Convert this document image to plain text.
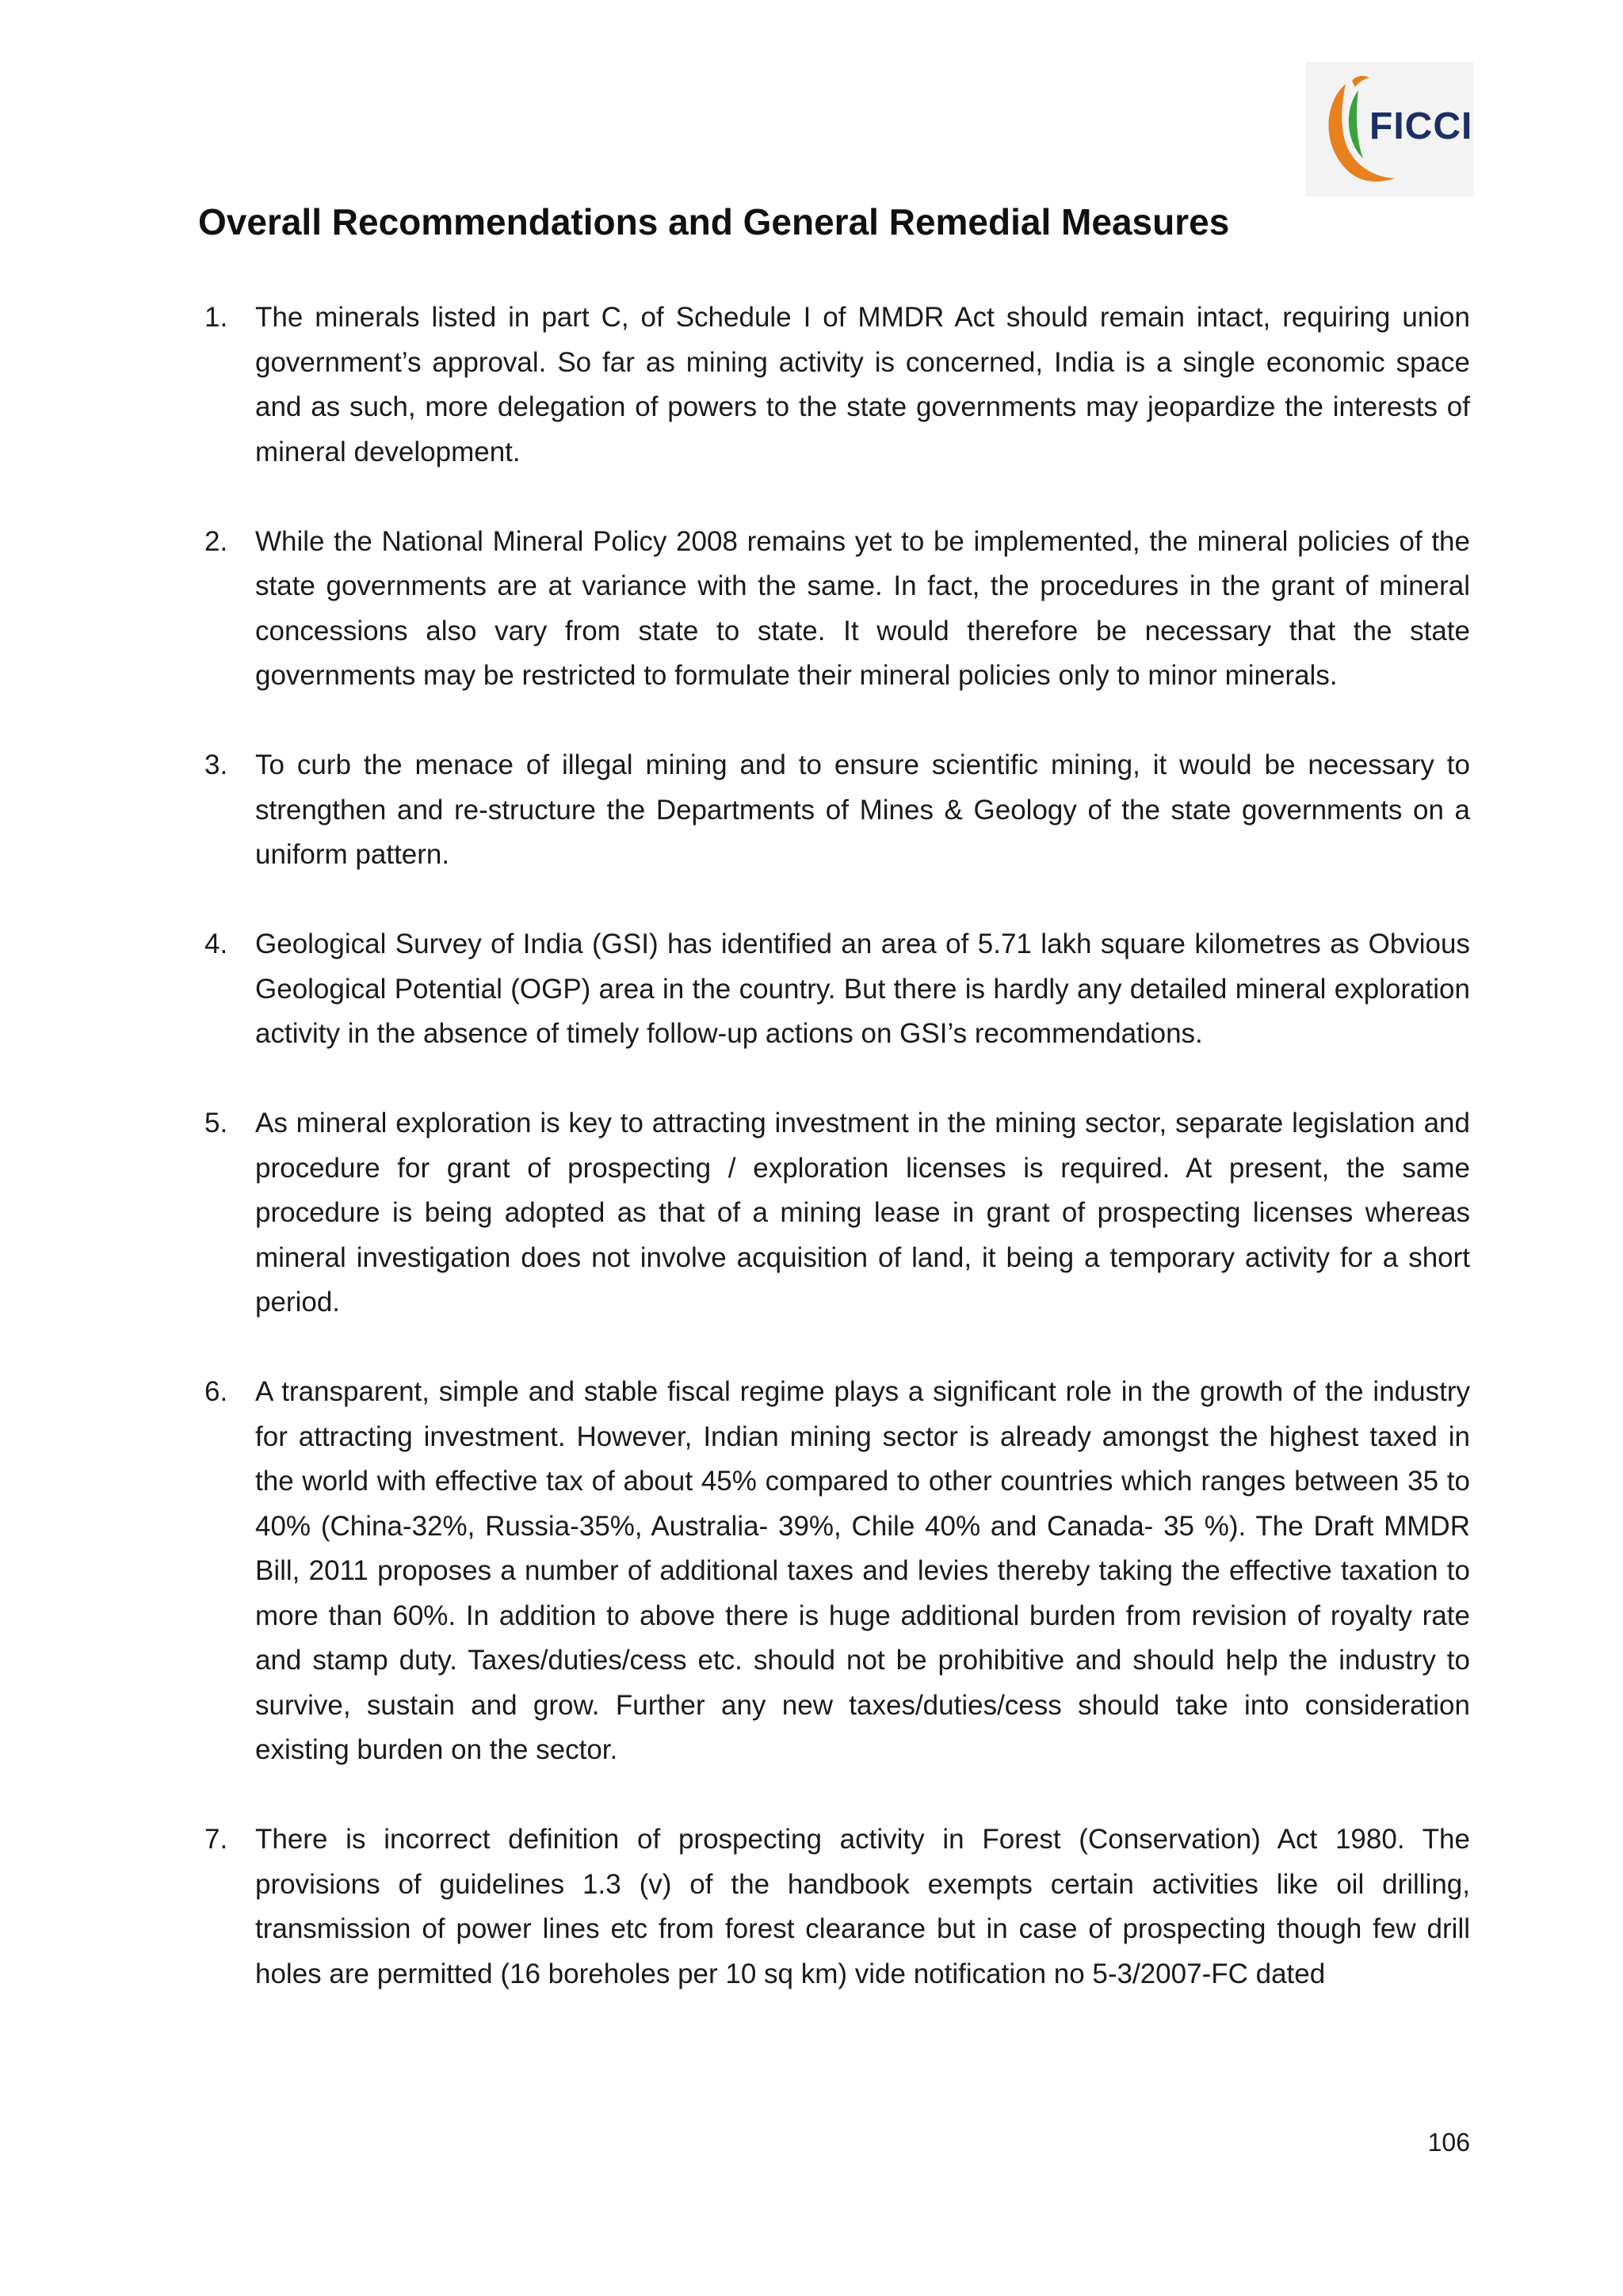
FICCI
Overall Recommendations and General Remedial Measures
1. The minerals listed in part C, of Schedule I of MMDR Act should remain intact, requiring union government’s approval. So far as mining activity is concerned, India is a single economic space and as such, more delegation of powers to the state governments may jeopardize the interests of mineral development.

2. While the National Mineral Policy 2008 remains yet to be implemented, the mineral policies of the state governments are at variance with the same. In fact, the procedures in the grant of mineral concessions also vary from state to state. It would therefore be necessary that the state governments may be restricted to formulate their mineral policies only to minor minerals.

3. To curb the menace of illegal mining and to ensure scientific mining, it would be necessary to strengthen and re-structure the Departments of Mines & Geology of the state governments on a uniform pattern.

4. Geological Survey of India (GSI) has identified an area of 5.71 lakh square kilometres as Obvious Geological Potential (OGP) area in the country. But there is hardly any detailed mineral exploration activity in the absence of timely follow-up actions on GSI’s recommendations.

5. As mineral exploration is key to attracting investment in the mining sector, separate legislation and procedure for grant of prospecting / exploration licenses is required. At present, the same procedure is being adopted as that of a mining lease in grant of prospecting licenses whereas mineral investigation does not involve acquisition of land, it being a temporary activity for a short period.

6. A transparent, simple and stable fiscal regime plays a significant role in the growth of the industry for attracting investment. However, Indian mining sector is already amongst the highest taxed in the world with effective tax of about 45% compared to other countries which ranges between 35 to 40% (China-32%, Russia-35%, Australia- 39%, Chile 40% and Canada- 35 %). The Draft MMDR Bill, 2011 proposes a number of additional taxes and levies thereby taking the effective taxation to more than 60%. In addition to above there is huge additional burden from revision of royalty rate and stamp duty. Taxes/duties/cess etc. should not be prohibitive and should help the industry to survive, sustain and grow. Further any new taxes/duties/cess should take into consideration existing burden on the sector.

7. There is incorrect definition of prospecting activity in Forest (Conservation) Act 1980. The provisions of guidelines 1.3 (v) of the handbook exempts certain activities like oil drilling, transmission of power lines etc from forest clearance but in case of prospecting though few drill holes are permitted (16 boreholes per 10 sq km) vide notification no 5-3/2007-FC dated

106
